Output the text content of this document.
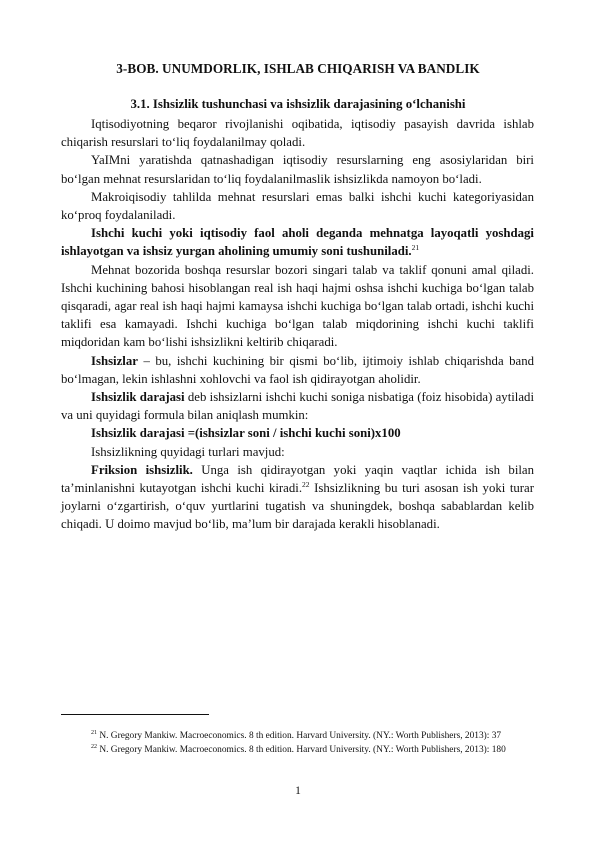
3-BOB. UNUMDORLIK, ISHLAB CHIQARISH VA BANDLIK
3.1. Ishsizlik tushunchasi va ishsizlik darajasining o‘lchanishi

Iqtisodiyotning beqaror rivojlanishi oqibatida, iqtisodiy pasayish davrida ishlab chiqarish resurslari to‘liq foydalanilmay qoladi.

YaIMni yaratishda qatnashadigan iqtisodiy resurslarning eng asosiylaridan biri bo‘lgan mehnat resurslaridan to‘liq foydalanilmaslik ishsizlikda namoyon bo‘ladi.

Makroiqisodiy tahlilda mehnat resurslari emas balki ishchi kuchi kategoriyasidan ko‘proq foydalaniladi.

Ishchi kuchi yoki iqtisodiy faol aholi deganda mehnatga layoqatli yoshdagi ishlayotgan va ishsiz yurgan aholining umumiy soni tushuniladi.$^{21}$

Mehnat bozorida boshqa resurslar bozori singari talab va taklif qonuni amal qiladi. Ishchi kuchining bahosi hisoblangan real ish haqi hajmi oshsa ishchi kuchiga bo‘lgan talab qisqaradi, agar real ish haqi hajmi kamaysa ishchi kuchiga bo‘lgan talab ortadi, ishchi kuchi taklifi esa kamayadi. Ishchi kuchiga bo‘lgan talab miqdorining ishchi kuchi taklifi miqdoridan kam bo‘lishi ishsizlikni keltirib chiqaradi.

Ishsizlar – bu, ishchi kuchining bir qismi bo‘lib, ijtimoiy ishlab chiqarishda band bo‘lmagan, lekin ishlashni xohlovchi va faol ish qidirayotgan aholidir.

Ishsizlik darajasi deb ishsizlarni ishchi kuchi soniga nisbatiga (foiz hisobida) aytiladi va uni quyidagi formula bilan aniqlash mumkin:

Ishsizlik darajasi =(ishsizlar soni / ishchi kuchi soni)x100

Ishsizlikning quyidagi turlari mavjud:

Friksion ishsizlik. Unga ish qidirayotgan yoki yaqin vaqtlar ichida ish bilan ta’minlanishni kutayotgan ishchi kuchi kiradi.$^{22}$ Ishsizlikning bu turi asosan ish yoki turar joylarni o‘zgartirish, o‘quv yurtlarini tugatish va shuningdek, boshqa sabablardan kelib chiqadi. U doimo mavjud bo‘lib, ma’lum bir darajada kerakli hisoblanadi.

$^{21}$ N. Gregory Mankiw. Macroeconomics. 8 th edition. Harvard University. (NY.: Worth Publishers, 2013): 37

$^{22}$ N. Gregory Mankiw. Macroeconomics. 8 th edition. Harvard University. (NY.: Worth Publishers, 2013): 180

1
